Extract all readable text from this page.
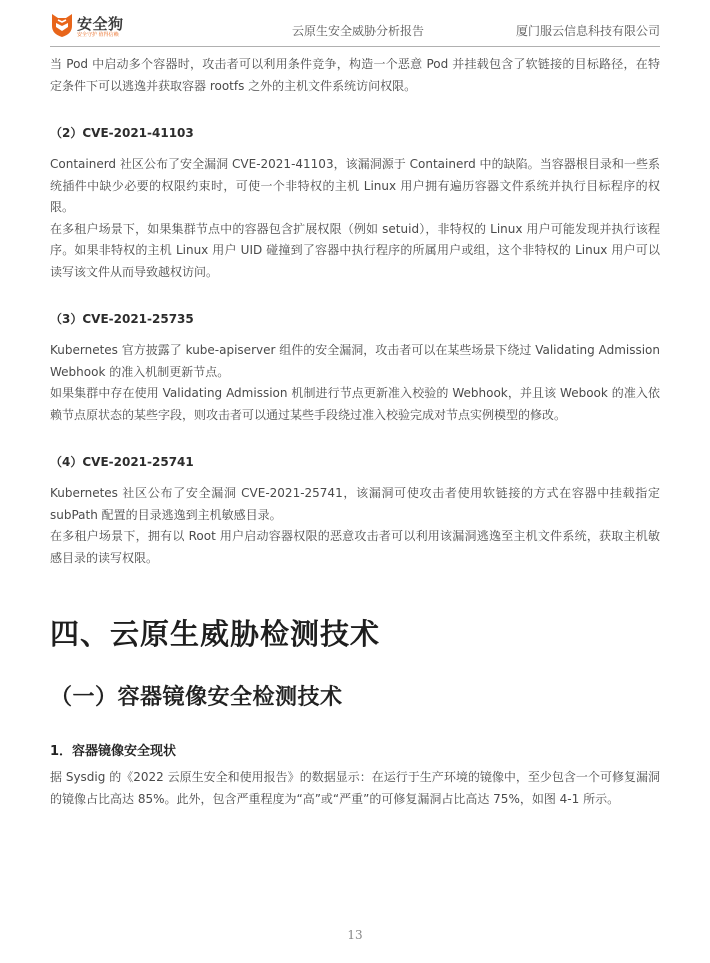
安全狗
安全守护 值得信赖	云原生安全威胁分析报告	厦门服云信息科技有限公司

当 Pod 中启动多个容器时，攻击者可以利用条件竞争，构造一个恶意 Pod 并挂载包含了软链接的目标路径，在特定条件下可以逃逸并获取容器 rootfs 之外的主机文件系统访问权限。

（2）CVE-2021-41103

Containerd 社区公布了安全漏洞 CVE-2021-41103，该漏洞源于 Containerd 中的缺陷。当容器根目录和一些系统插件中缺少必要的权限约束时，可使一个非特权的主机 Linux 用户拥有遍历容器文件系统并执行目标程序的权限。

在多租户场景下，如果集群节点中的容器包含扩展权限（例如 setuid），非特权的 Linux 用户可能发现并执行该程序。如果非特权的主机 Linux 用户 UID 碰撞到了容器中执行程序的所属用户或组，这个非特权的 Linux 用户可以读写该文件从而导致越权访问。

（3）CVE-2021-25735

Kubernetes 官方披露了 kube-apiserver 组件的安全漏洞，攻击者可以在某些场景下绕过 Validating Admission Webhook 的准入机制更新节点。

如果集群中存在使用 Validating Admission 机制进行节点更新准入校验的 Webhook，并且该 Webook 的准入依赖节点原状态的某些字段，则攻击者可以通过某些手段绕过准入校验完成对节点实例模型的修改。

（4）CVE-2021-25741

Kubernetes 社区公布了安全漏洞 CVE-2021-25741，该漏洞可使攻击者使用软链接的方式在容器中挂载指定 subPath 配置的目录逃逸到主机敏感目录。

在多租户场景下，拥有以 Root 用户启动容器权限的恶意攻击者可以利用该漏洞逃逸至主机文件系统，获取主机敏感目录的读写权限。

四、云原生威胁检测技术
（一）容器镜像安全检测技术
1．容器镜像安全现状

据 Sysdig 的《2022 云原生安全和使用报告》的数据显示：在运行于生产环境的镜像中，至少包含一个可修复漏洞的镜像占比高达 85%。此外，包含严重程度为“高”或“严重”的可修复漏洞占比高达 75%，如图 4-1 所示。

13
